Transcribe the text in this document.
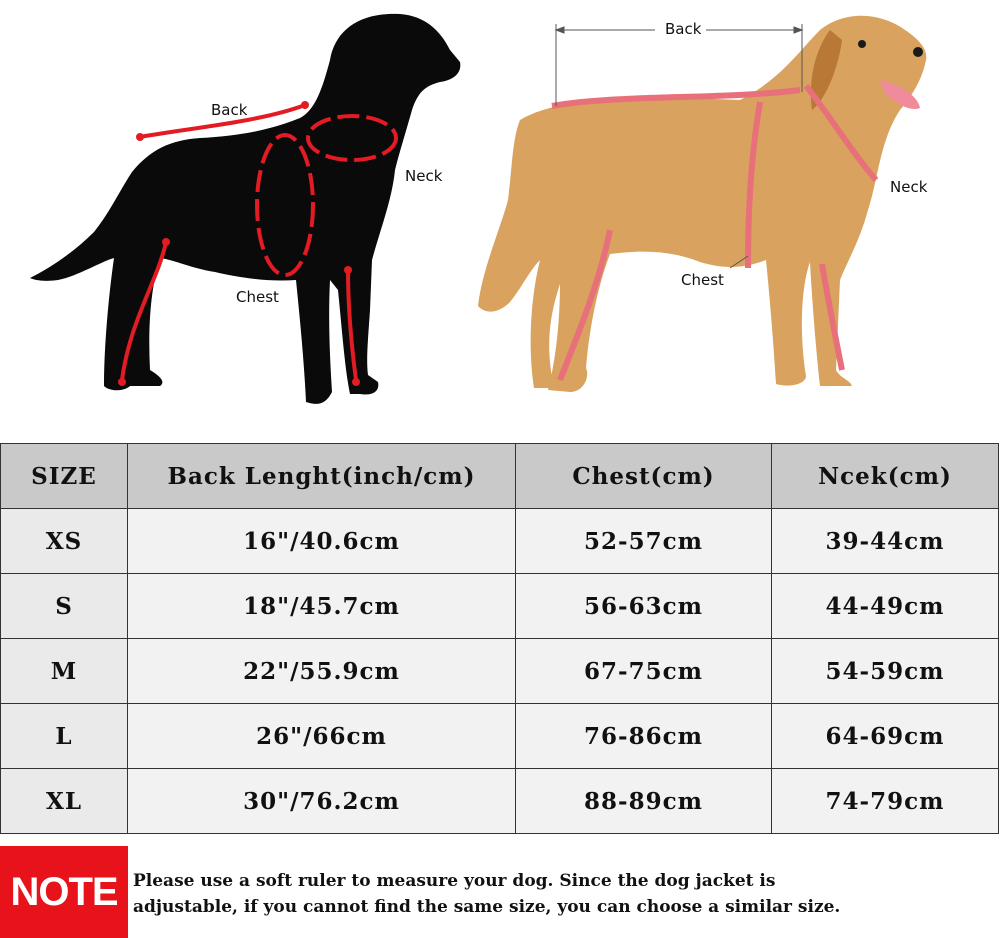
Back
Neck
Chest
Back
Neck
Chest
SIZE	Back Lenght(inch/cm)	Chest(cm)	Ncek(cm)
XS	16"/40.6cm	52-57cm	39-44cm
S	18"/45.7cm	56-63cm	44-49cm
M	22"/55.9cm	67-75cm	54-59cm
L	26"/66cm	76-86cm	64-69cm
XL	30"/76.2cm	88-89cm	74-79cm
NOTE Please use a soft ruler to measure your dog. Since the dog jacket is
adjustable, if you cannot find the same size, you can choose a similar size.
